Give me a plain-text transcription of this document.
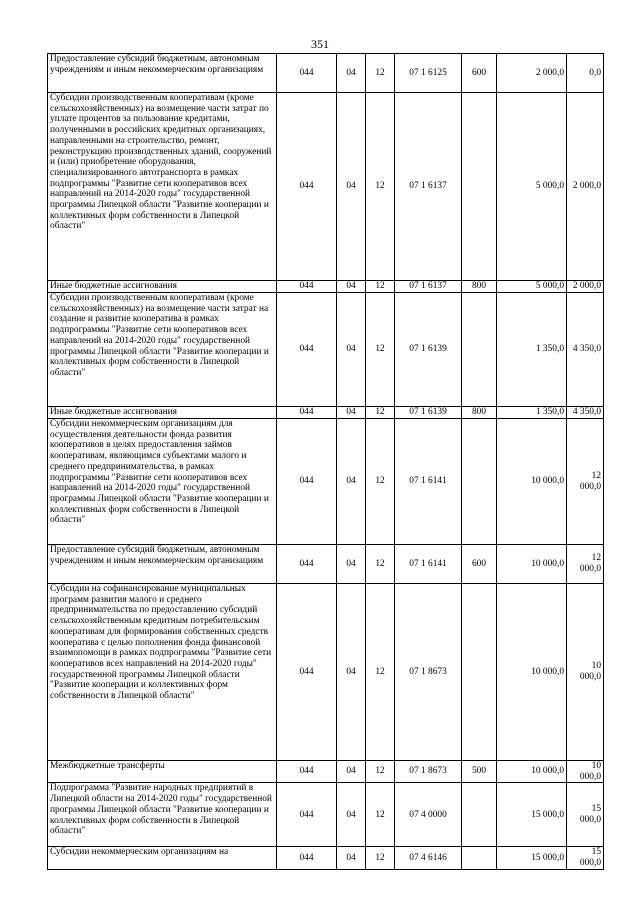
351
Предоставление субсидий бюджетным, автономным учреждениям и иным некоммерческим организациям	044	04	12	07 1 6125	600	2 000,0	0,0
Субсидии производственным кооперативам (кроме сельскохозяйственных) на возмещение части затрат по уплате процентов за пользование кредитами, полученными в российских кредитных организациях, направленными на строительство, ремонт, реконструкцию производственных зданий, сооружений и (или) приобретение оборудования, специализированного автотранспорта в рамках подпрограммы "Развитие сети кооперативов всех направлений на 2014-2020 годы" государственной программы Липецкой области "Развитие кооперации и коллективных форм собственности в Липецкой области"	044	04	12	07 1 6137		5 000,0	2 000,0
Иные бюджетные ассигнования	044	04	12	07 1 6137	800	5 000,0	2 000,0
Субсидии производственным кооперативам (кроме сельскохозяйственных) на возмещение части затрат на создание и развитие кооператива в рамках подпрограммы "Развитие сети кооперативов всех направлений на 2014-2020 годы" государственной программы Липецкой области "Развитие кооперации и коллективных форм собственности в Липецкой области"	044	04	12	07 1 6139		1 350,0	4 350,0
Иные бюджетные ассигнования	044	04	12	07 1 6139	800	1 350,0	4 350,0
Субсидии некоммерческим организациям для осуществления деятельности фонда развития кооперативов в целях предоставления займов кооперативам, являющимся субъектами малого и среднего предпринимательства, в рамках подпрограммы "Развитие сети кооперативов всех направлений на 2014-2020 годы" государственной программы Липецкой области "Развитие кооперации и коллективных форм собственности в Липецкой области"	044	04	12	07 1 6141		10 000,0	12 000,0
Предоставление субсидий бюджетным, автономным учреждениям и иным некоммерческим организациям	044	04	12	07 1 6141	600	10 000,0	12 000,0
Субсидии на софинансирование муниципальных программ развития малого и среднего предпринимательства по предоставлению субсидий сельскохозяйственным кредитным потребительским кооперативам для формирования собственных средств кооператива с целью пополнения фонда финансовой взаимопомощи в рамках подпрограммы "Развитие сети кооперативов всех направлений на 2014-2020 годы" государственной программы Липецкой области "Развитие кооперации и коллективных форм собственности в Липецкой области"	044	04	12	07 1 8673		10 000,0	10 000,0
Межбюджетные трансферты	044	04	12	07 1 8673	500	10 000,0	10 000,0
Подпрограмма "Развитие народных предприятий в Липецкой области на 2014-2020 годы" государственной программы Липецкой области "Развитие кооперации и коллективных форм собственности в Липецкой области"	044	04	12	07 4 0000		15 000,0	15 000,0
Субсидии некоммерческим организациям на	044	04	12	07 4 6146		15 000,0	15 000,0
